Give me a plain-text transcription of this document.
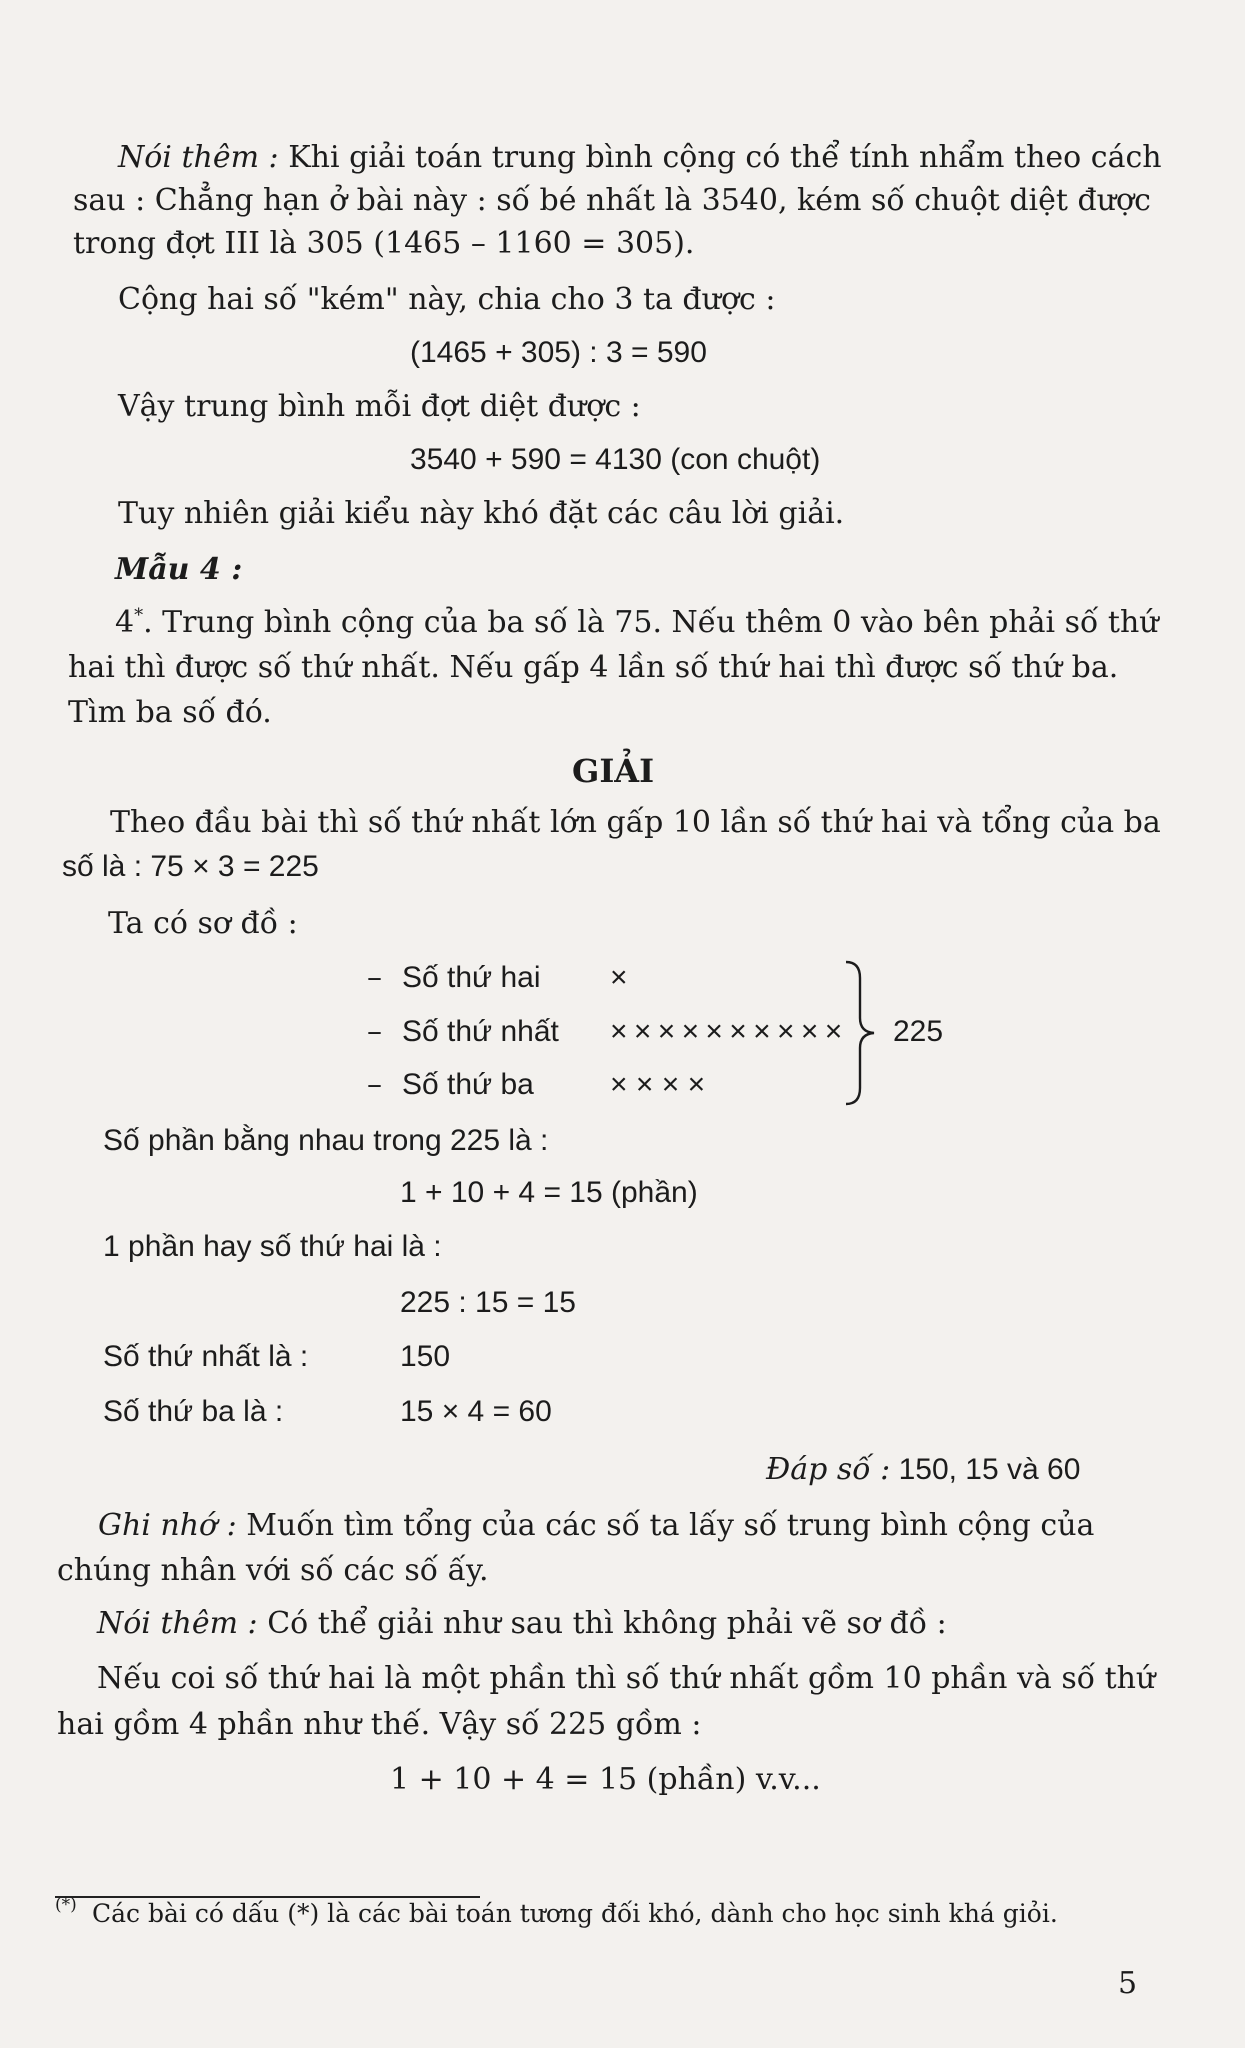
Nói thêm : Khi giải toán trung bình cộng có thể tính nhẩm theo cách
sau : Chẳng hạn ở bài này : số bé nhất là 3540, kém số chuột diệt được
trong đợt III là 305 (1465 – 1160 = 305).
Cộng hai số "kém" này, chia cho 3 ta được :
(1465 + 305) : 3 = 590
Vậy trung bình mỗi đợt diệt được :
3540 + 590 = 4130 (con chuột)
Tuy nhiên giải kiểu này khó đặt các câu lời giải.
Mẫu 4 :
4*. Trung bình cộng của ba số là 75. Nếu thêm 0 vào bên phải số thứ
hai thì được số thứ nhất. Nếu gấp 4 lần số thứ hai thì được số thứ ba.
Tìm ba số đó.
GIẢI
Theo đầu bài thì số thứ nhất lớn gấp 10 lần số thứ hai và tổng của ba
số là : 75 × 3 = 225
Ta có sơ đồ :
– Số thứ hai ×
– Số thứ nhất × × × × × × × × × ×
– Số thứ ba	× × × ×
225
Số phần bằng nhau trong 225 là :
1 + 10 + 4 = 15 (phần)
1 phần hay số thứ hai là :
225 : 15 = 15
Số thứ nhất là :	150
Số thứ ba là :	15 × 4 = 60
Đáp số : 150, 15 và 60
Ghi nhớ : Muốn tìm tổng của các số ta lấy số trung bình cộng của
chúng nhân với số các số ấy.
Nói thêm : Có thể giải như sau thì không phải vẽ sơ đồ :
Nếu coi số thứ hai là một phần thì số thứ nhất gồm 10 phần và số thứ
hai gồm 4 phần như thế. Vậy số 225 gồm :
1 + 10 + 4 = 15 (phần) v.v...
(*) Các bài có dấu (*) là các bài toán tương đối khó, dành cho học sinh khá giỏi.
5
